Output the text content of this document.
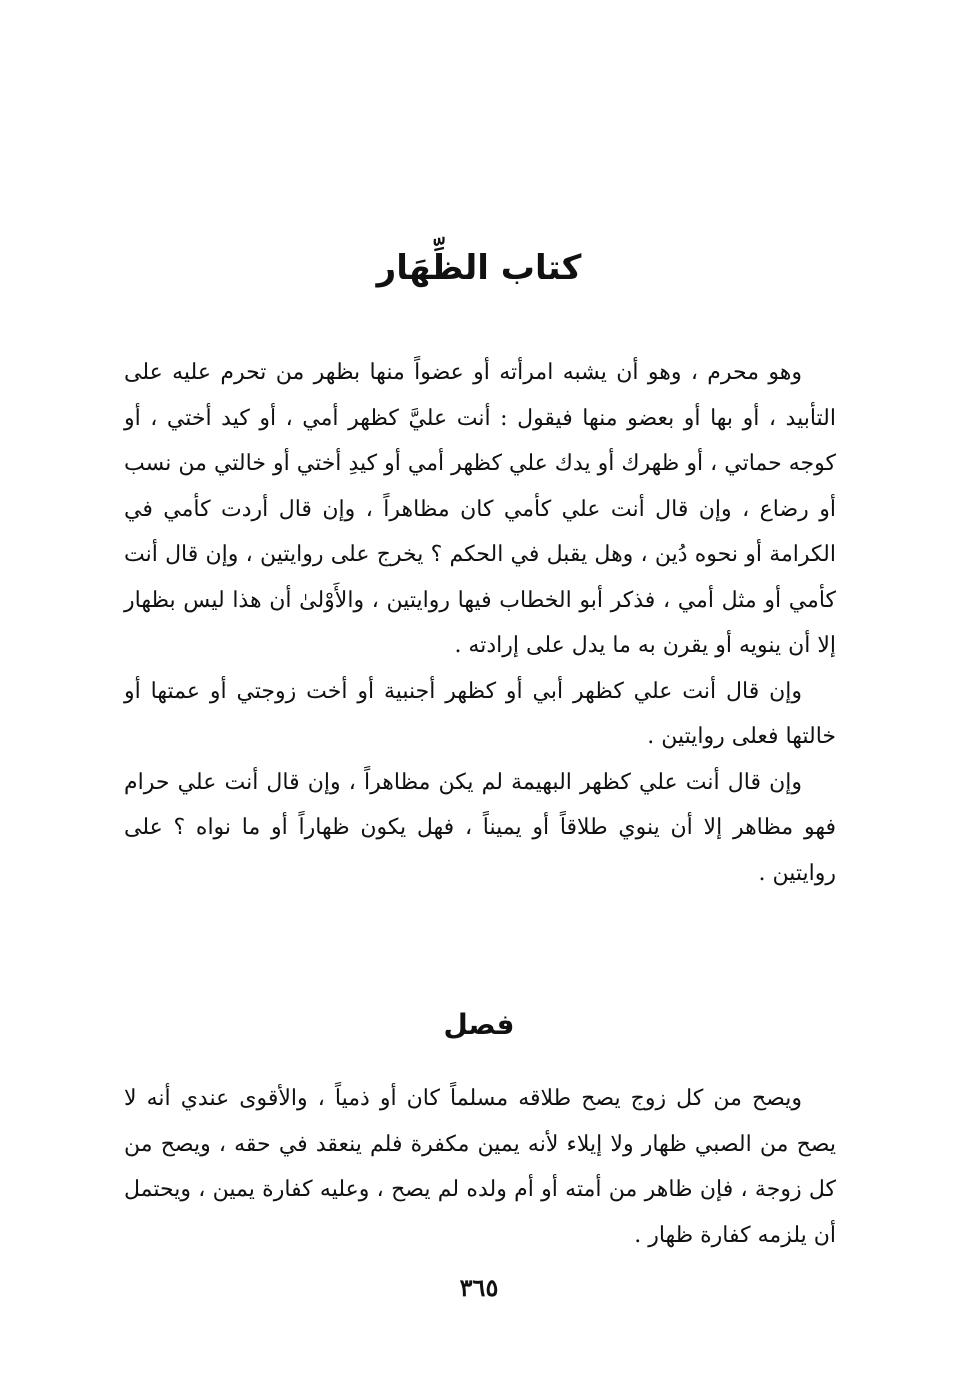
كتاب الظِّهَار

وهو محرم ، وهو أن يشبه امرأته أو عضواً منها بظهر من تحرم عليه على التأبيد ، أو بها أو بعضو منها فيقول : أنت عليَّ كظهر أمي ، أو كيد أختي ، أو كوجه حماتي ، أو ظهرك أو يدك علي كظهر أمي أو كيدِ أختي أو خالتي من نسب أو رضاع ، وإن قال أنت علي كأمي كان مظاهراً ، وإن قال أردت كأمي في الكرامة أو نحوه دُين ، وهل يقبل في الحكم ؟ يخرج على روايتين ، وإن قال أنت كأمي أو مثل أمي ، فذكر أبو الخطاب فيها روايتين ، والأَوْلىٰ أن هذا ليس بظهار إلا أن ينويه أو يقرن به ما يدل على إرادته .

وإن قال أنت علي كظهر أبي أو كظهر أجنبية أو أخت زوجتي أو عمتها أو خالتها فعلى روايتين .

وإن قال أنت علي كظهر البهيمة لم يكن مظاهراً ، وإن قال أنت علي حرام فهو مظاهر إلا أن ينوي طلاقاً أو يميناً ، فهل يكون ظهاراً أو ما نواه ؟ على روايتين .

فصل

ويصح من كل زوج يصح طلاقه مسلماً كان أو ذمياً ، والأقوى عندي أنه لا يصح من الصبي ظهار ولا إيلاء لأنه يمين مكفرة فلم ينعقد في حقه ، ويصح من كل زوجة ، فإن ظاهر من أمته أو أم ولده لم يصح ، وعليه كفارة يمين ، ويحتمل أن يلزمه كفارة ظهار .

٣٦٥
